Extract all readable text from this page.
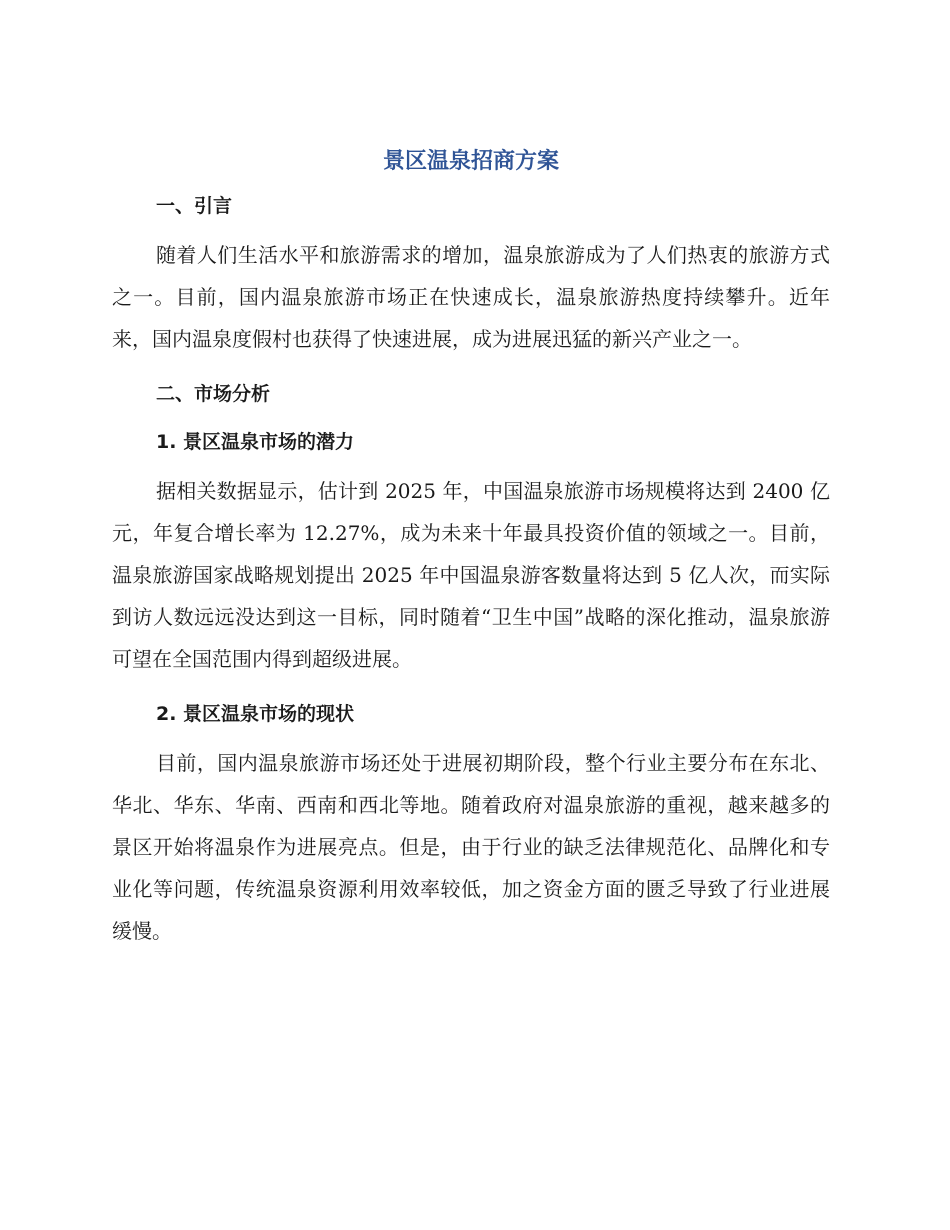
景区温泉招商方案
一、引言

随着人们生活水平和旅游需求的增加，温泉旅游成为了人们热衷的旅游方式之一。目前，国内温泉旅游市场正在快速成长，温泉旅游热度持续攀升。近年来，国内温泉度假村也获得了快速进展，成为进展迅猛的新兴产业之一。

二、市场分析
1. 景区温泉市场的潜力

据相关数据显示，估计到 2025 年，中国温泉旅游市场规模将达到 2400 亿元，年复合增长率为 12.27%，成为未来十年最具投资价值的领域之一。目前，温泉旅游国家战略规划提出 2025 年中国温泉游客数量将达到 5 亿人次，而实际到访人数远远没达到这一目标，同时随着“卫生中国”战略的深化推动，温泉旅游可望在全国范围内得到超级进展。

2. 景区温泉市场的现状

目前，国内温泉旅游市场还处于进展初期阶段，整个行业主要分布在东北、华北、华东、华南、西南和西北等地。随着政府对温泉旅游的重视，越来越多的景区开始将温泉作为进展亮点。但是，由于行业的缺乏法律规范化、品牌化和专业化等问题，传统温泉资源利用效率较低，加之资金方面的匮乏导致了行业进展缓慢。
